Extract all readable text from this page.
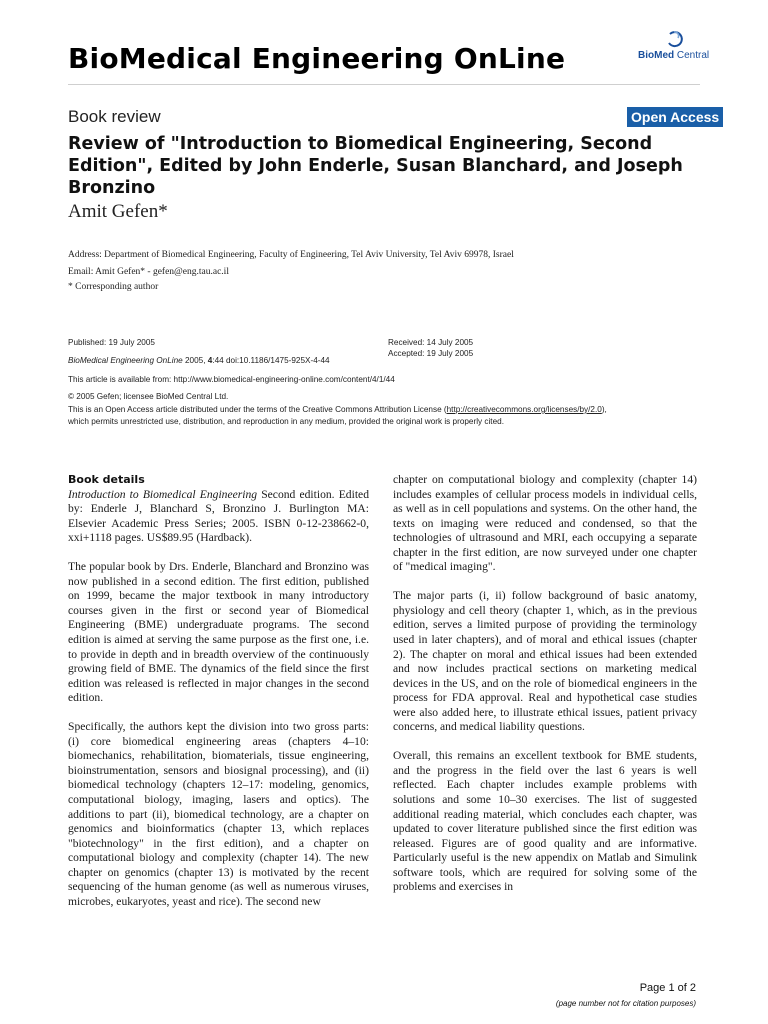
BioMedical Engineering OnLine	BioMed Central
Book review	Open Access
Review of "Introduction to Biomedical Engineering, Second Edition", Edited by John Enderle, Susan Blanchard, and Joseph Bronzino
Amit Gefen*
Address: Department of Biomedical Engineering, Faculty of Engineering, Tel Aviv University, Tel Aviv 69978, Israel
Email: Amit Gefen* - gefen@eng.tau.ac.il
* Corresponding author
Published: 19 July 2005
BioMedical Engineering OnLine 2005, 4:44 doi:10.1186/1475-925X-4-44
Received: 14 July 2005
Accepted: 19 July 2005
This article is available from: http://www.biomedical-engineering-online.com/content/4/1/44
© 2005 Gefen; licensee BioMed Central Ltd.
This is an Open Access article distributed under the terms of the Creative Commons Attribution License (http://creativecommons.org/licenses/by/2.0),
which permits unrestricted use, distribution, and reproduction in any medium, provided the original work is properly cited.
Book details

Introduction to Biomedical Engineering Second edition. Edited by: Enderle J, Blanchard S, Bronzino J. Burlington MA: Elsevier Academic Press Series; 2005. ISBN 0-12-238662-0, xxi+1118 pages. US$89.95 (Hardback).

The popular book by Drs. Enderle, Blanchard and Bronzino was now published in a second edition. The first edition, published on 1999, became the major textbook in many introductory courses given in the first or second year of Biomedical Engineering (BME) undergraduate programs. The second edition is aimed at serving the same purpose as the first one, i.e. to provide in depth and in breadth overview of the continuously growing field of BME. The dynamics of the field since the first edition was released is reflected in major changes in the second edition.

Specifically, the authors kept the division into two gross parts: (i) core biomedical engineering areas (chapters 4–10: biomechanics, rehabilitation, biomaterials, tissue engineering, bioinstrumentation, sensors and biosignal processing), and (ii) biomedical technology (chapters 12–17: modeling, genomics, computational biology, imaging, lasers and optics). The additions to part (ii), biomedical technology, are a chapter on genomics and bioinformatics (chapter 13, which replaces "biotechnology" in the first edition), and a chapter on computational biology and complexity (chapter 14). The new chapter on genomics (chapter 13) is motivated by the recent sequencing of the human genome (as well as numerous viruses, microbes, eukaryotes, yeast and rice). The second new

chapter on computational biology and complexity (chapter 14) includes examples of cellular process models in individual cells, as well as in cell populations and systems. On the other hand, the texts on imaging were reduced and condensed, so that the technologies of ultrasound and MRI, each occupying a separate chapter in the first edition, are now surveyed under one chapter of "medical imaging".

The major parts (i, ii) follow background of basic anatomy, physiology and cell theory (chapter 1, which, as in the previous edition, serves a limited purpose of providing the terminology used in later chapters), and of moral and ethical issues (chapter 2). The chapter on moral and ethical issues had been extended and now includes practical sections on marketing medical devices in the US, and on the role of biomedical engineers in the process for FDA approval. Real and hypothetical case studies were also added here, to illustrate ethical issues, patient privacy concerns, and medical liability questions.

Overall, this remains an excellent textbook for BME students, and the progress in the field over the last 6 years is well reflected. Each chapter includes example problems with solutions and some 10–30 exercises. The list of suggested additional reading material, which concludes each chapter, was updated to cover literature published since the first edition was released. Figures are of good quality and are informative. Particularly useful is the new appendix on Matlab and Simulink software tools, which are required for solving some of the problems and exercises in

Page 1 of 2
(page number not for citation purposes)
